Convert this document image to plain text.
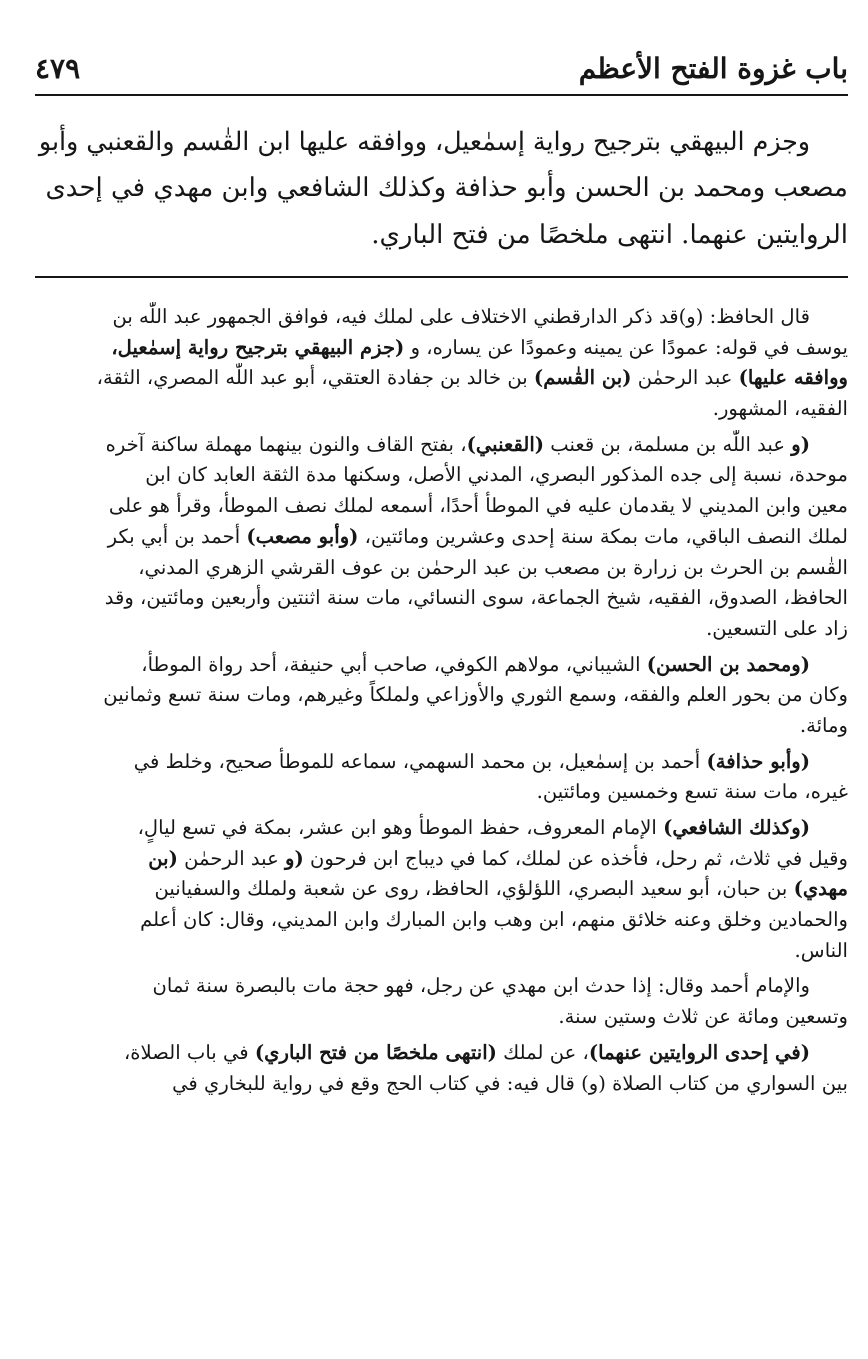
باب غزوة الفتح الأعظم
٤٧٩
وجزم البيهقي بترجيح رواية إسمٰعيل، ووافقه عليها ابن القٰسم والقعنبي وأبو
مصعب ومحمد بن الحسن وأبو حذافة وكذلك الشافعي وابن مهدي في إحدى
الروايتين عنهما. انتهى ملخصًا من فتح الباري.

قال الحافظ: (و)قد ذكر الدارقطني الاختلاف على لملك فيه، فوافق الجمهور عبد اللّٰه بن
يوسف في قوله: عمودًا عن يمينه وعمودًا عن يساره، و (جزم البيهقي بترجيح رواية إسمٰعيل،
ووافقه عليها) عبد الرحمٰن (بن القٰسم) بن خالد بن جفادة العتقي، أبو عبد اللّٰه المصري، الثقة،
الفقيه، المشهور.

(و عبد اللّٰه بن مسلمة، بن قعنب (القعنبي)، بفتح القاف والنون بينهما مهملة ساكنة آخره
موحدة، نسبة إلى جده المذكور البصري، المدني الأصل، وسكنها مدة الثقة العابد كان ابن
معين وابن المديني لا يقدمان عليه في الموطأ أحدًا، أسمعه لملك نصف الموطأ، وقرأ هو على
لملك النصف الباقي، مات بمكة سنة إحدى وعشرين ومائتين، (وأبو مصعب) أحمد بن أبي بكر
القٰسم بن الحرث بن زرارة بن مصعب بن عبد الرحمٰن بن عوف القرشي الزهري المدني،
الحافظ، الصدوق، الفقيه، شيخ الجماعة، سوى النسائي، مات سنة اثنتين وأربعين ومائتين، وقد
زاد على التسعين.

(ومحمد بن الحسن) الشيباني، مولاهم الكوفي، صاحب أبي حنيفة، أحد رواة الموطأ،
وكان من بحور العلم والفقه، وسمع الثوري والأوزاعي ولملكاً وغيرهم، ومات سنة تسع وثمانين
ومائة.

(وأبو حذافة) أحمد بن إسمٰعيل، بن محمد السهمي، سماعه للموطأ صحيح، وخلط في
غيره، مات سنة تسع وخمسين ومائتين.

(وكذلك الشافعي) الإمام المعروف، حفظ الموطأ وهو ابن عشر، بمكة في تسع ليالٍ،
وقيل في ثلاث، ثم رحل، فأخذه عن لملك، كما في ديباج ابن فرحون (و عبد الرحمٰن (بن
مهدي) بن حبان، أبو سعيد البصري، اللؤلؤي، الحافظ، روى عن شعبة ولملك والسفيانين
والحمادين وخلق وعنه خلائق منهم، ابن وهب وابن المبارك وابن المديني، وقال: كان أعلم
الناس.

والإمام أحمد وقال: إذا حدث ابن مهدي عن رجل، فهو حجة مات بالبصرة سنة ثمان
وتسعين ومائة عن ثلاث وستين سنة.

(في إحدى الروايتين عنهما)، عن لملك (انتهى ملخصًا من فتح الباري) في باب الصلاة،
بين السواري من كتاب الصلاة (و) قال فيه: في كتاب الحج وقع في رواية للبخاري في
